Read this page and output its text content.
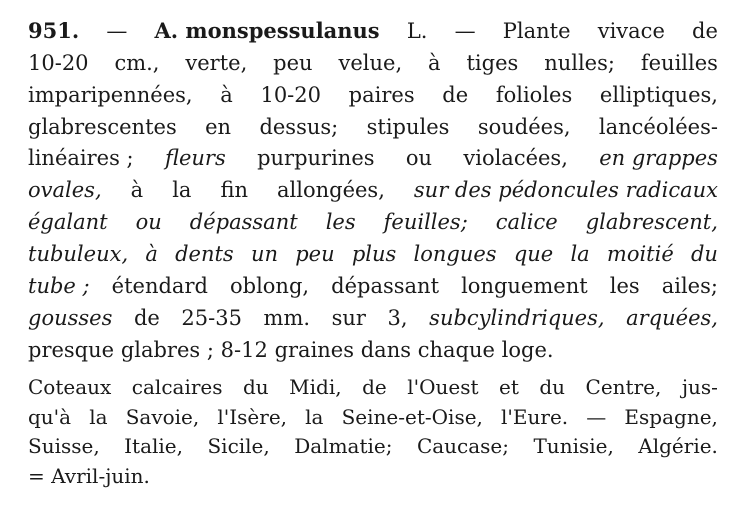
951. — A. monspessulanus L. — Plante vivace de
10-20 cm., verte, peu velue, à tiges nulles; feuilles
imparipennées, à 10-20 paires de folioles elliptiques,
glabrescentes en dessus; stipules soudées, lancéolées-
linéaires ; fleurs purpurines ou violacées, en grappes
ovales, à la fin allongées, sur des pédoncules radicaux
égalant ou dépassant les feuilles; calice glabrescent,
tubuleux, à dents un peu plus longues que la moitié du
tube ; étendard oblong, dépassant longuement les ailes;
gousses de 25-35 mm. sur 3, subcylindriques, arquées,
presque glabres ; 8-12 graines dans chaque loge.
Coteaux calcaires du Midi, de l'Ouest et du Centre, jus-
qu'à la Savoie, l'Isère, la Seine-et-Oise, l'Eure. — Espagne,
Suisse, Italie, Sicile, Dalmatie; Caucase; Tunisie, Algérie.
= Avril-juin.
